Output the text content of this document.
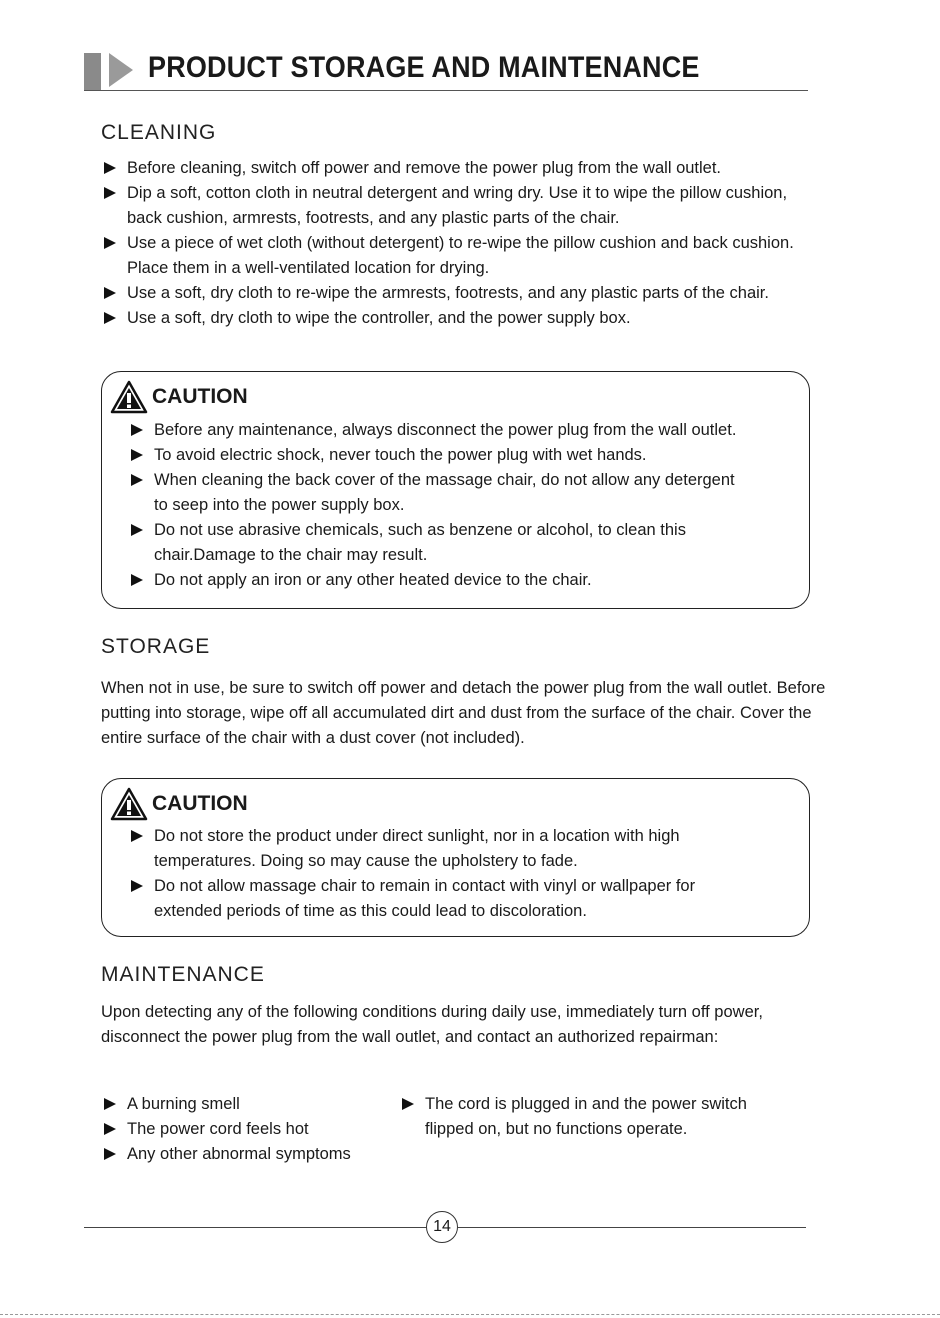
PRODUCT STORAGE AND MAINTENANCE
CLEANING
Before cleaning, switch off power and remove the power plug from the wall outlet.
Dip a soft, cotton cloth in neutral detergent and wring dry. Use it to wipe the pillow cushion, back cushion, armrests, footrests, and any plastic parts of the chair.
Use a piece of wet cloth (without detergent) to re-wipe the pillow cushion and back cushion. Place them in a well-ventilated location for drying.
Use a soft, dry cloth to re-wipe the armrests, footrests, and any plastic parts of the chair.
Use a soft, dry cloth to wipe the controller, and the power supply box.
CAUTION
Before any maintenance, always disconnect the power plug from the wall outlet.
To avoid electric shock, never touch the power plug with wet hands.
When cleaning the back cover of the massage chair, do not allow any detergent to seep into the power supply box.
Do not use abrasive chemicals, such as benzene or alcohol, to clean this chair.Damage to the chair may result.
Do not apply an iron or any other heated device to the chair.
STORAGE

When not in use, be sure to switch off power and detach the power plug from the wall outlet. Before putting into storage, wipe off all accumulated dirt and dust from the surface of the chair. Cover the entire surface of the chair with a dust cover (not included).

CAUTION
Do not store the product under direct sunlight, nor in a location with high temperatures. Doing so may cause the upholstery to fade.
Do not allow massage chair to remain in contact with vinyl or wallpaper for extended periods of time as this could lead to discoloration.
MAINTENANCE

Upon detecting any of the following conditions during daily use, immediately turn off power, disconnect the power plug from the wall outlet, and contact an authorized repairman:

A burning smell
The power cord feels hot
Any other abnormal symptoms
The cord is plugged in and the power switch flipped on, but no functions operate.
14
